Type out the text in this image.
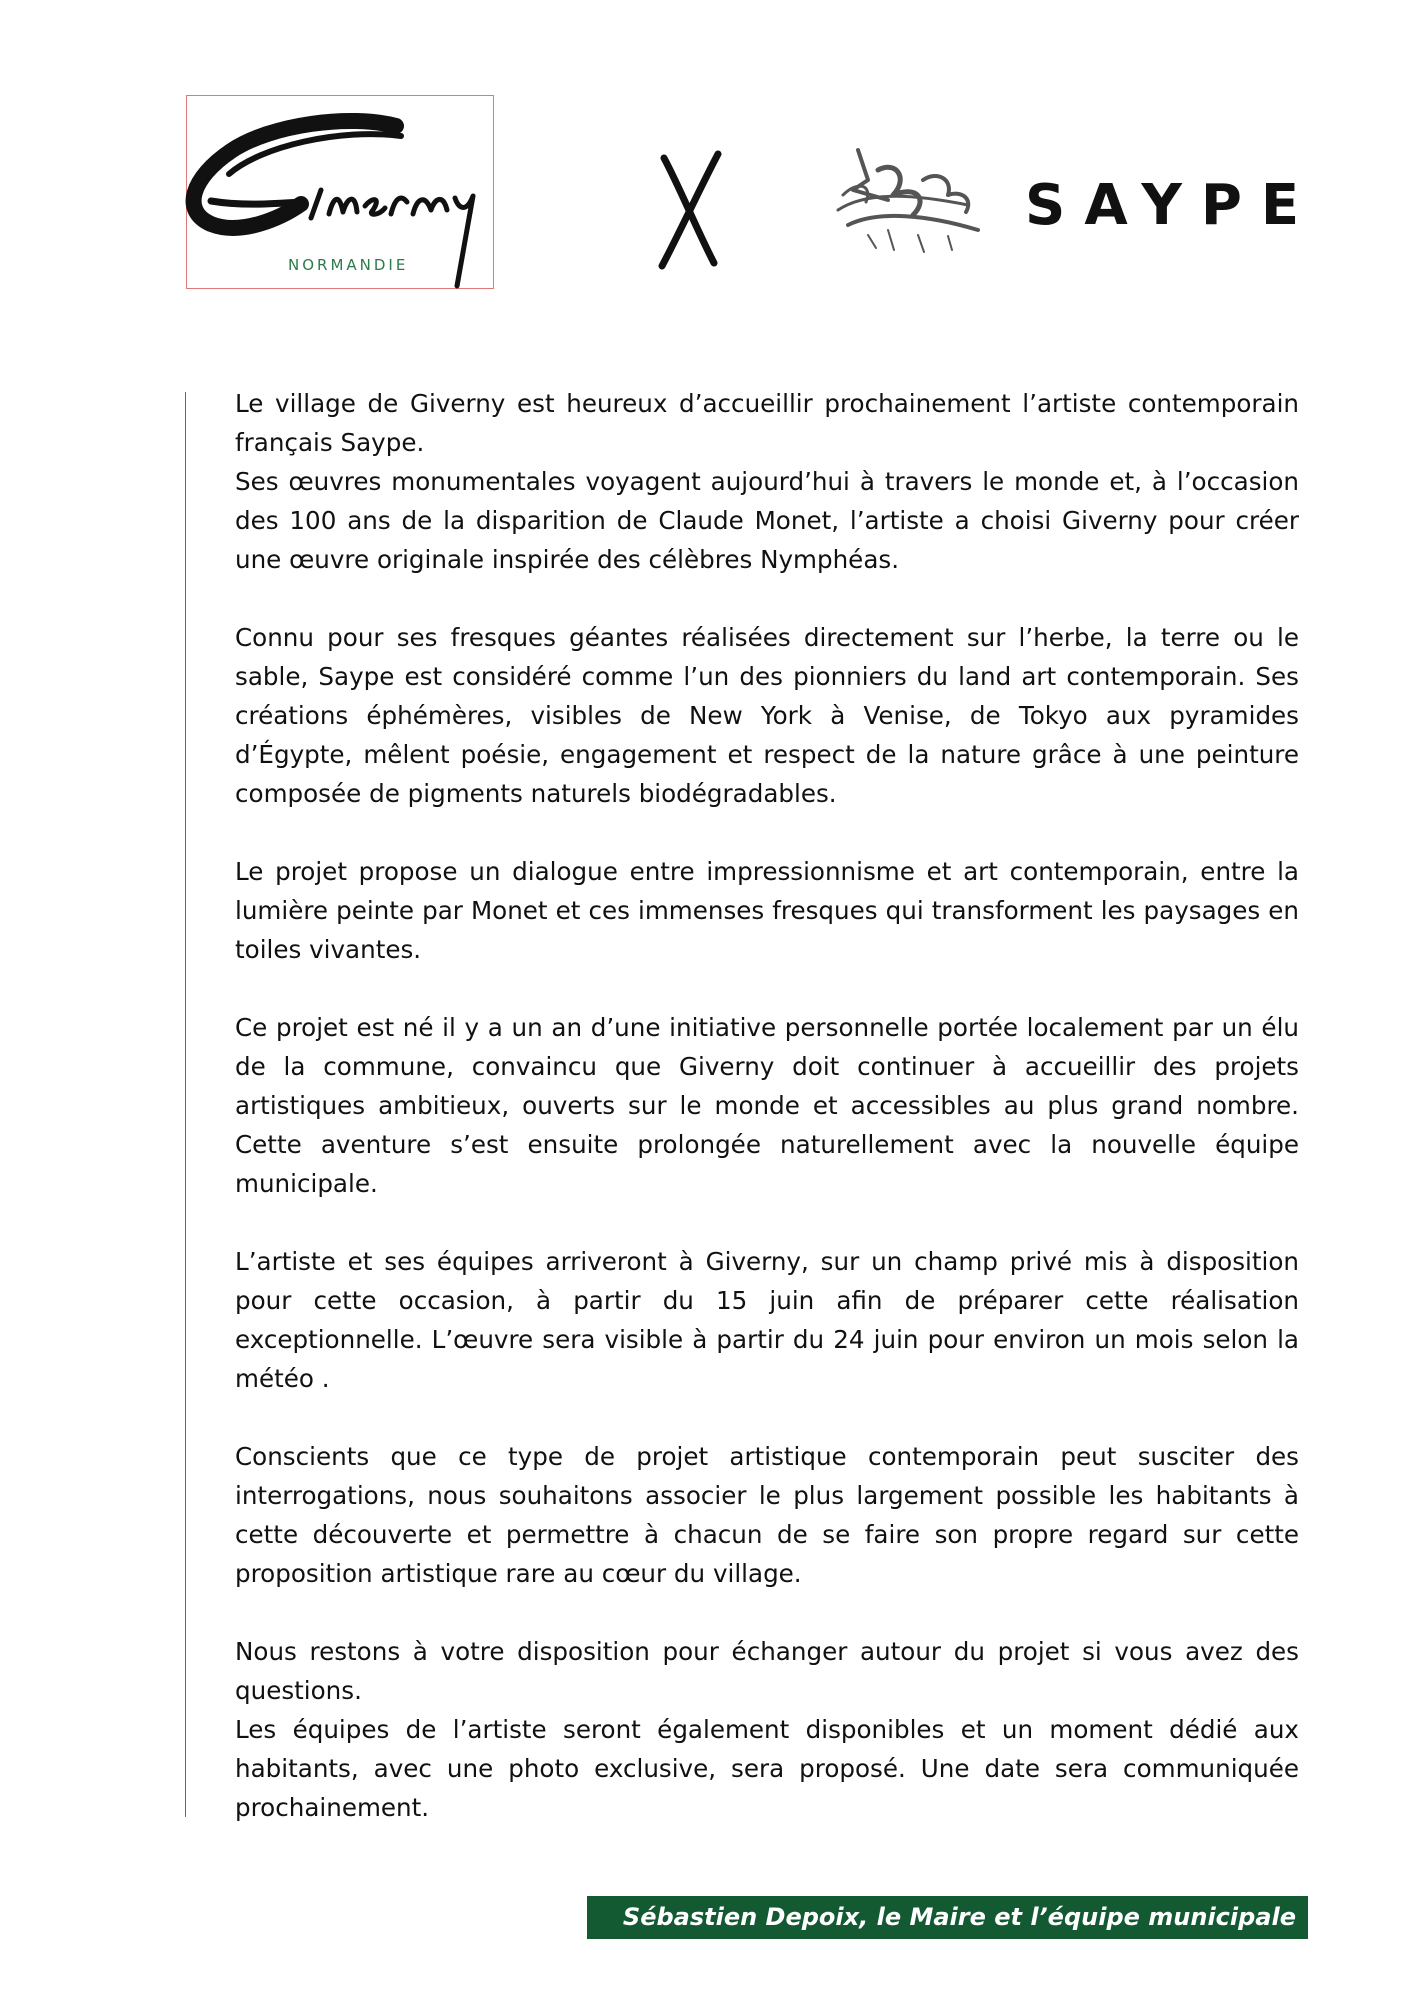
NORMANDIE
SAYPE

Le village de Giverny est heureux d’accueillir prochainement l’artiste contemporain français Saype.
Ses œuvres monumentales voyagent aujourd’hui à travers le monde et, à l’occasion des 100 ans de la disparition de Claude Monet, l’artiste a choisi Giverny pour créer une œuvre originale inspirée des célèbres Nymphéas.

Connu pour ses fresques géantes réalisées directement sur l’herbe, la terre ou le sable, Saype est considéré comme l’un des pionniers du land art contemporain. Ses créations éphémères, visibles de New York à Venise, de Tokyo aux pyramides d’Égypte, mêlent poésie, engagement et respect de la nature grâce à une peinture composée de pigments naturels biodégradables.

Le projet propose un dialogue entre impressionnisme et art contemporain, entre la lumière peinte par Monet et ces immenses fresques qui transforment les paysages en toiles vivantes.

Ce projet est né il y a un an d’une initiative personnelle portée localement par un élu de la commune, convaincu que Giverny doit continuer à accueillir des projets artistiques ambitieux, ouverts sur le monde et accessibles au plus grand nombre. Cette aventure s’est ensuite prolongée naturellement avec la nouvelle équipe municipale.

L’artiste et ses équipes arriveront à Giverny, sur un champ privé mis à disposition pour cette occasion, à partir du 15 juin afin de préparer cette réalisation exceptionnelle. L’œuvre sera visible à partir du 24 juin pour environ un mois selon la météo .

Conscients que ce type de projet artistique contemporain peut susciter des interrogations, nous souhaitons associer le plus largement possible les habitants à cette découverte et permettre à chacun de se faire son propre regard sur cette proposition artistique rare au cœur du village.

Nous restons à votre disposition pour échanger autour du projet si vous avez des questions.
Les équipes de l’artiste seront également disponibles et un moment dédié aux habitants, avec une photo exclusive, sera proposé. Une date sera communiquée prochainement.

Sébastien Depoix, le Maire et l’équipe municipale
